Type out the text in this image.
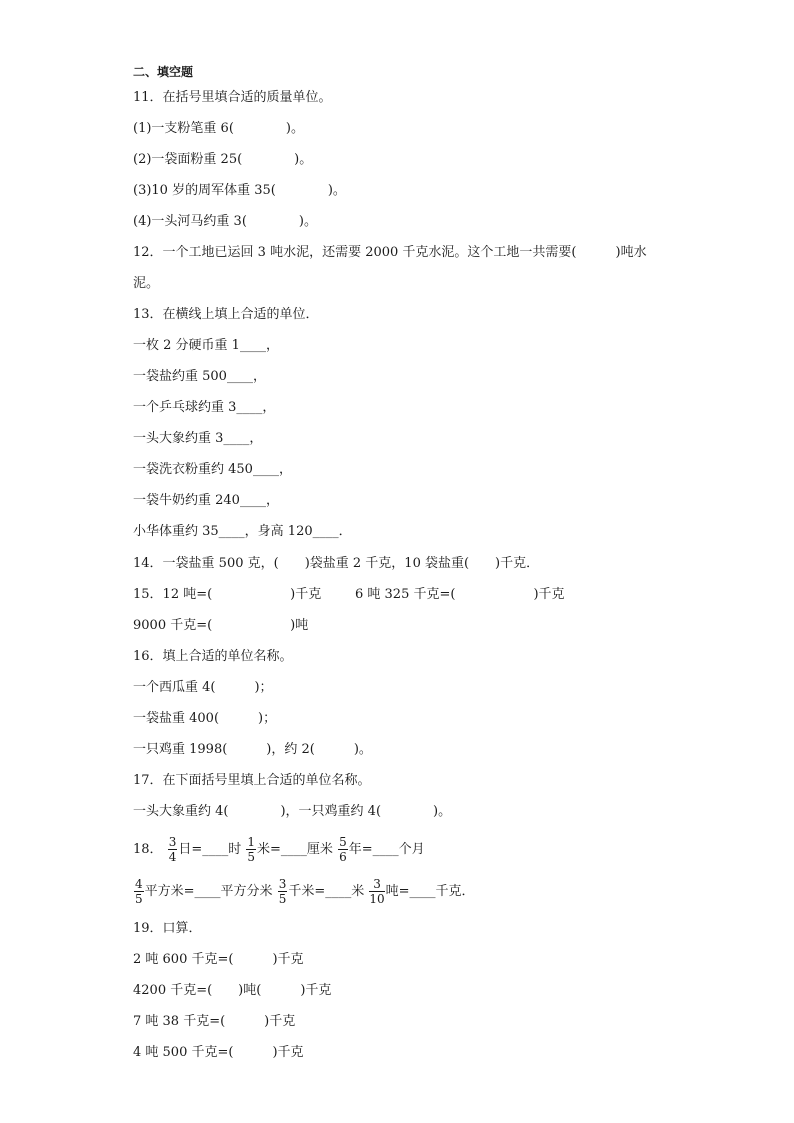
二、填空题
11．在括号里填合适的质量单位。
(1)一支粉笔重 6(　　　　)。
(2)一袋面粉重 25(　　　　)。
(3)10 岁的周军体重 35(　　　　)。
(4)一头河马约重 3(　　　　)。
12．一个工地已运回 3 吨水泥，还需要 2000 千克水泥。这个工地一共需要(　　　)吨水
泥。
13．在横线上填上合适的单位．
一枚 2 分硬币重 1____，
一袋盐约重 500____，
一个乒乓球约重 3____，
一头大象约重 3____，
一袋洗衣粉重约 450____，
一袋牛奶约重 240____，
小华体重约 35____，身高 120____．
14．一袋盐重 500 克，(　　)袋盐重 2 千克，10 袋盐重(　　)千克．
15．12 吨=(　　　　　　)千克	6 吨 325 千克=(　　　　　　)千克
9000 千克=(　　　　　　)吨
16．填上合适的单位名称。
一个西瓜重 4(　　　)；
一袋盐重 400(　　　)；
一只鸡重 1998(　　　)，约 2(　　　)。
17．在下面括号里填上合适的单位名称。
一头大象重约 4(　　　　)，一只鸡重约 4(　　　　)。
18． $\frac{3}{4}$ 日=____时 $\frac{1}{5}$ 米=____厘米 $\frac{5}{6}$ 年=____个月
$\frac{4}{5}$ 平方米=____平方分米 $\frac{3}{5}$ 千米=____米 $\frac{3}{10}$ 吨=____千克．
19．口算．
2 吨 600 千克=(　　　)千克
4200 千克=(　　)吨(　　　)千克
7 吨 38 千克=(　　　)千克
4 吨 500 千克=(　　　)千克
